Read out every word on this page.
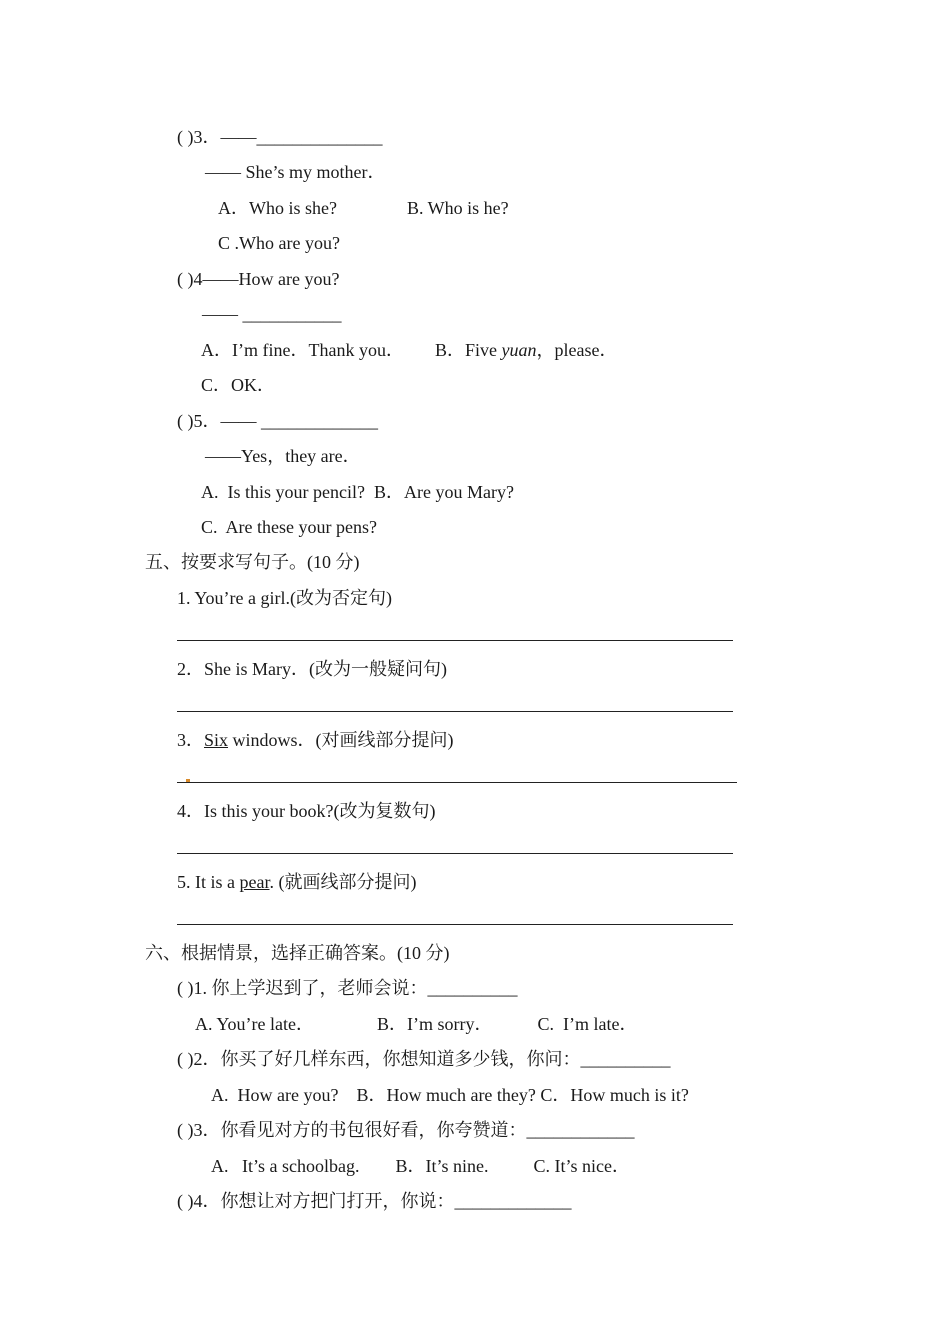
( )3．——______________
—— She’s my mother．
A．Who is she?	B. Who is he?
C .Who are you?
( )4——How are you?
—— ___________
A．I’m fine．Thank you． B．Five yuan，please．
C．OK．
( )5．—— _____________
——Yes，they are．
A.  Is this your pencil?  B．Are you Mary?
C.  Are these your pens?
五、按要求写句子。(10 分)
1. You’re a girl.(改为否定句)
2．She is Mary．(改为一般疑问句)
3．Six windows．(对画线部分提问)
4．Is this your book?(改为复数句)
5. It is a pear. (就画线部分提问)
六、根据情景，选择正确答案。(10 分)
( )1. 你上学迟到了，老师会说：__________
A. You’re late．              B．I’m sorry．          C.  I’m late．
( )2．你买了好几样东西，你想知道多少钱，你问：__________
A.  How are you?    B．How much are they? C．How much is it?
( )3．你看见对方的书包很好看，你夸赞道：____________
A.   It’s a schoolbag.        B．It’s nine.          C. It’s nice．
( )4．你想让对方把门打开，你说：_____________
